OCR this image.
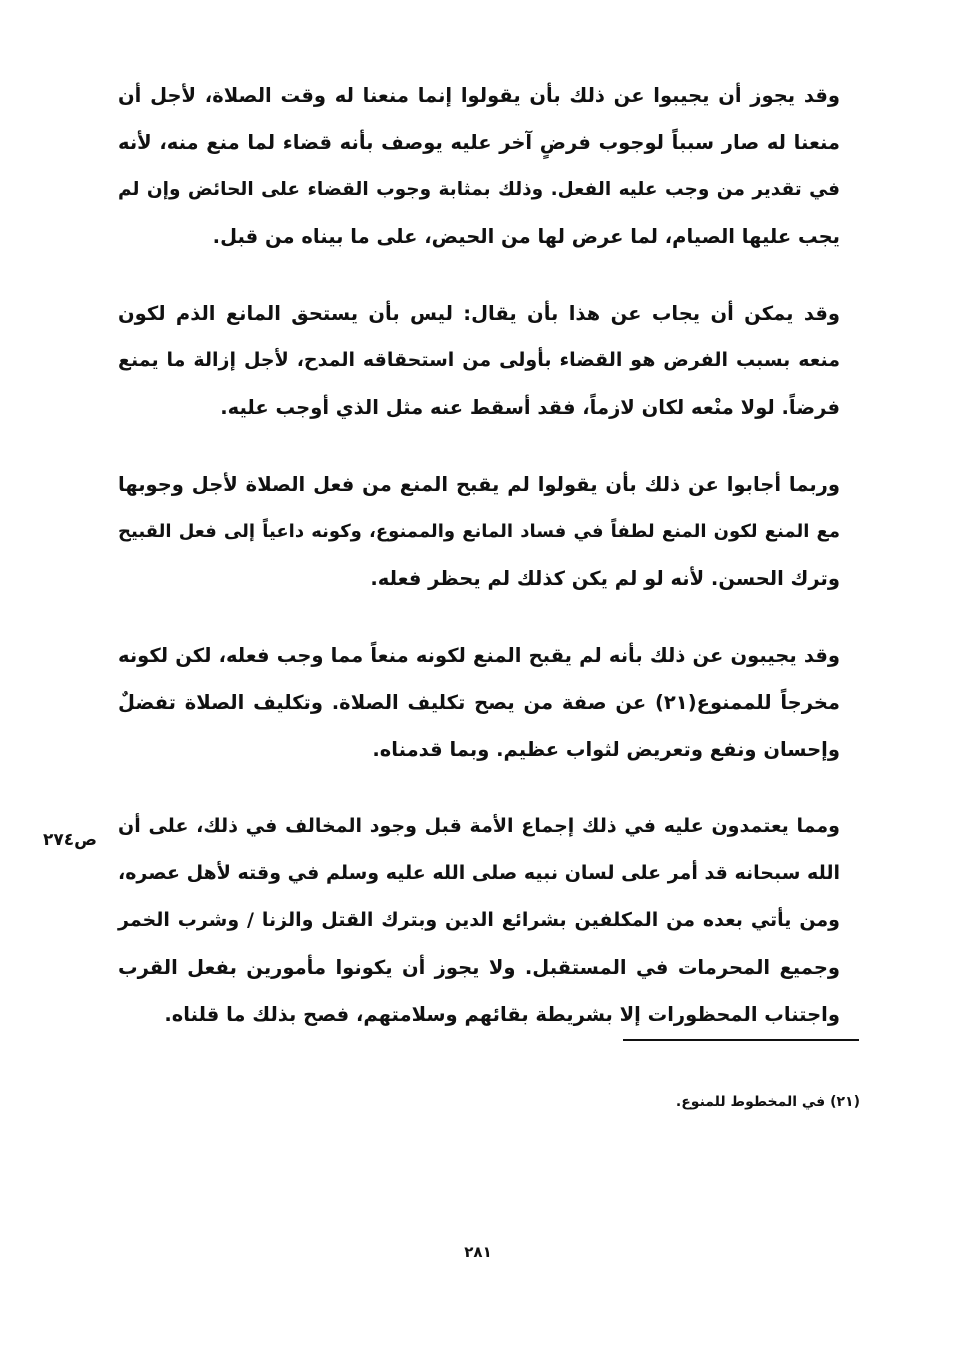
وقد يجوز أن يجيبوا عن ذلك بأن يقولوا إنما منعنا له وقت الصلاة، لأجل أن
منعنا له صار سبباً لوجوب فرضٍ آخر عليه يوصف بأنه قضاء لما منع منه، لأنه
في تقدير من وجب عليه الفعل. وذلك بمثابة وجوب القضاء على الحائض وإن لم
يجب عليها الصيام، لما عرض لها من الحيض، على ما بيناه من قبل.

وقد يمكن أن يجاب عن هذا بأن يقال: ليس بأن يستحق المانع الذم لكون
منعه بسبب الفرض هو القضاء بأولى من استحقاقه المدح، لأجل إزالة ما يمنع
فرضاً. لولا منْعه لكان لازماً، فقد أسقط عنه مثل الذي أوجب عليه.

وربما أجابوا عن ذلك بأن يقولوا لم يقبح المنع من فعل الصلاة لأجل وجوبها
مع المنع لكون المنع لطفاً في فساد المانع والممنوع، وكونه داعياً إلى فعل القبيح
وترك الحسن. لأنه لو لم يكن كذلك لم يحظر فعله.

وقد يجيبون عن ذلك بأنه لم يقبح المنع لكونه منعاً مما وجب فعله، لكن لكونه
مخرجاً للممنوع(٢١) عن صفة من يصح تكليف الصلاة. وتكليف الصلاة تفضلٌ
وإحسان ونفع وتعريض لثواب عظيم. وبما قدمناه.

ومما يعتمدون عليه في ذلك إجماع الأمة قبل وجود المخالف في ذلك، على أن
الله سبحانه قد أمر على لسان نبيه صلى الله عليه وسلم في وقته لأهل عصره،
ومن يأتي بعده من المكلفين بشرائع الدين وبترك القتل والزنا / وشرب الخمر
وجميع المحرمات في المستقبل. ولا يجوز أن يكونوا مأمورين بفعل القرب
واجتناب المحظورات إلا بشريطة بقائهم وسلامتهم، فصح بذلك ما قلناه.

ص٢٧٤
(٢١) في المخطوط للمنوع.
٢٨١
